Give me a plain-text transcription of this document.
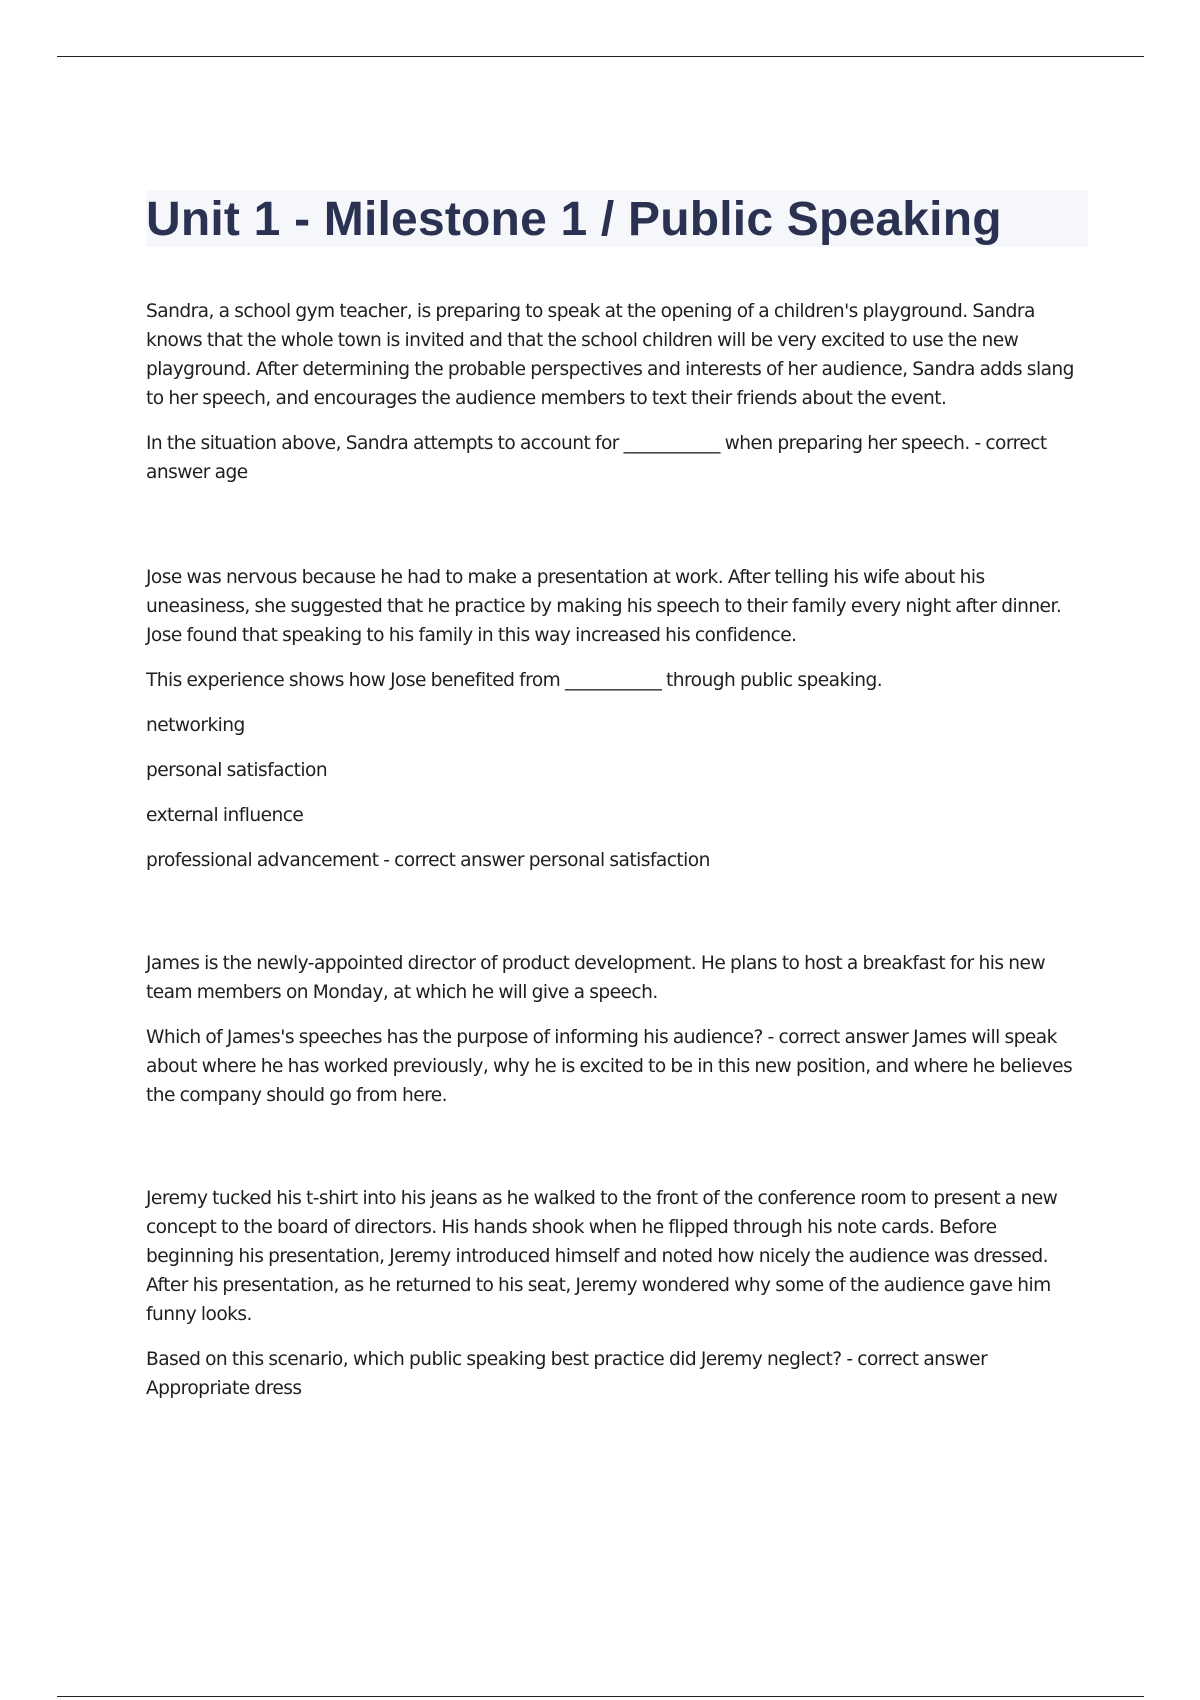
Unit 1 - Milestone 1 / Public Speaking

Sandra, a school gym teacher, is preparing to speak at the opening of a children's playground. Sandra knows that the whole town is invited and that the school children will be very excited to use the new playground. After determining the probable perspectives and interests of her audience, Sandra adds slang to her speech, and encourages the audience members to text their friends about the event.

In the situation above, Sandra attempts to account for ___________ when preparing her speech. - correct answer age

Jose was nervous because he had to make a presentation at work. After telling his wife about his uneasiness, she suggested that he practice by making his speech to their family every night after dinner. Jose found that speaking to his family in this way increased his confidence.

This experience shows how Jose benefited from ___________ through public speaking.

networking

personal satisfaction

external influence

professional advancement - correct answer personal satisfaction

James is the newly-appointed director of product development. He plans to host a breakfast for his new team members on Monday, at which he will give a speech.

Which of James's speeches has the purpose of informing his audience? - correct answer James will speak about where he has worked previously, why he is excited to be in this new position, and where he believes the company should go from here.

Jeremy tucked his t-shirt into his jeans as he walked to the front of the conference room to present a new concept to the board of directors. His hands shook when he flipped through his note cards. Before beginning his presentation, Jeremy introduced himself and noted how nicely the audience was dressed. After his presentation, as he returned to his seat, Jeremy wondered why some of the audience gave him funny looks.

Based on this scenario, which public speaking best practice did Jeremy neglect? - correct answer Appropriate dress
